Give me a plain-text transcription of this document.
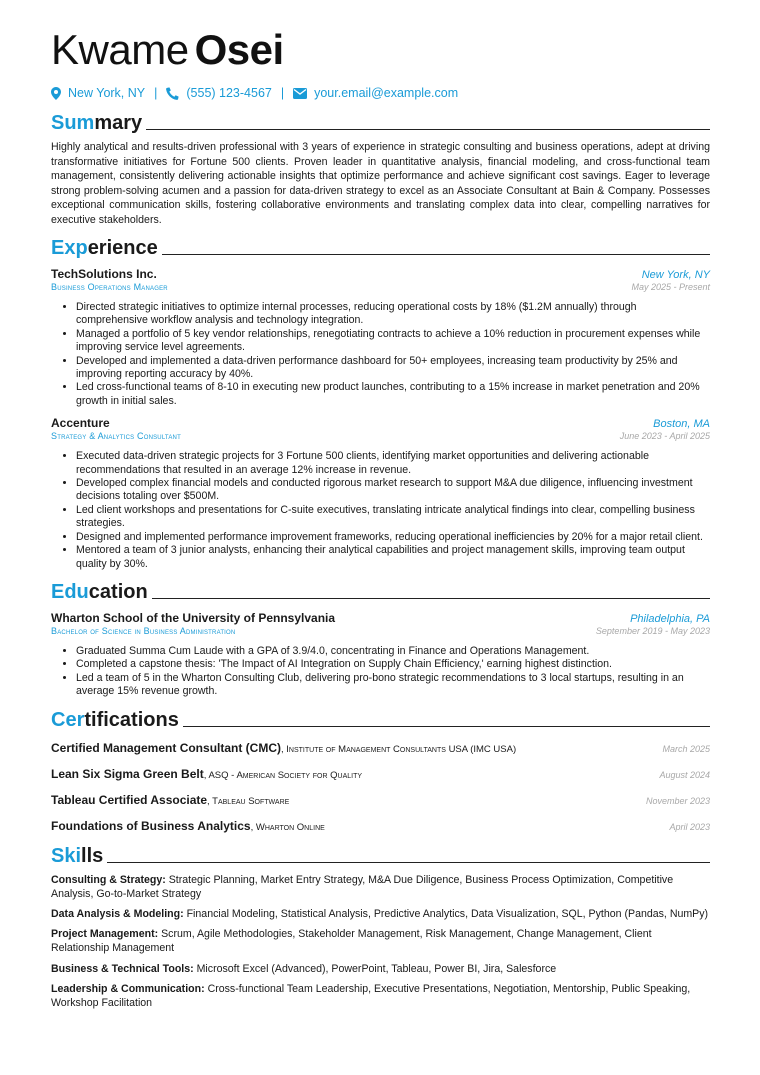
Kwame Osei
New York, NY | (555) 123-4567 | your.email@example.com
Summary
Highly analytical and results-driven professional with 3 years of experience in strategic consulting and business operations, adept at driving transformative initiatives for Fortune 500 clients. Proven leader in quantitative analysis, financial modeling, and cross-functional team management, consistently delivering actionable insights that optimize performance and achieve significant cost savings. Eager to leverage strong problem-solving acumen and a passion for data-driven strategy to excel as an Associate Consultant at Bain & Company. Possesses exceptional communication skills, fostering collaborative environments and translating complex data into clear, compelling narratives for executive stakeholders.
Experience
TechSolutions Inc.	New York, NY
Business Operations Manager	May 2025 - Present
• Directed strategic initiatives to optimize internal processes, reducing operational costs by 18% ($1.2M annually) through comprehensive workflow analysis and technology integration.
• Managed a portfolio of 5 key vendor relationships, renegotiating contracts to achieve a 10% reduction in procurement expenses while improving service level agreements.
• Developed and implemented a data-driven performance dashboard for 50+ employees, increasing team productivity by 25% and improving reporting accuracy by 40%.
• Led cross-functional teams of 8-10 in executing new product launches, contributing to a 15% increase in market penetration and 20% growth in initial sales.
Accenture	Boston, MA
Strategy & Analytics Consultant	June 2023 - April 2025
• Executed data-driven strategic projects for 3 Fortune 500 clients, identifying market opportunities and delivering actionable recommendations that resulted in an average 12% increase in revenue.
• Developed complex financial models and conducted rigorous market research to support M&A due diligence, influencing investment decisions totaling over $500M.
• Led client workshops and presentations for C-suite executives, translating intricate analytical findings into clear, compelling business strategies.
• Designed and implemented performance improvement frameworks, reducing operational inefficiencies by 20% for a major retail client.
• Mentored a team of 3 junior analysts, enhancing their analytical capabilities and project management skills, improving team output quality by 30%.
Education
Wharton School of the University of Pennsylvania	Philadelphia, PA
Bachelor of Science in Business Administration	September 2019 - May 2023
• Graduated Summa Cum Laude with a GPA of 3.9/4.0, concentrating in Finance and Operations Management.
• Completed a capstone thesis: 'The Impact of AI Integration on Supply Chain Efficiency,' earning highest distinction.
• Led a team of 5 in the Wharton Consulting Club, delivering pro-bono strategic recommendations to 3 local startups, resulting in an average 15% revenue growth.
Certifications
Certified Management Consultant (CMC), Institute of Management Consultants USA (IMC USA)	March 2025
Lean Six Sigma Green Belt, ASQ - American Society for Quality	August 2024
Tableau Certified Associate, Tableau Software	November 2023
Foundations of Business Analytics, Wharton Online	April 2023
Skills
Consulting & Strategy: Strategic Planning, Market Entry Strategy, M&A Due Diligence, Business Process Optimization, Competitive Analysis, Go-to-Market Strategy
Data Analysis & Modeling: Financial Modeling, Statistical Analysis, Predictive Analytics, Data Visualization, SQL, Python (Pandas, NumPy)
Project Management: Scrum, Agile Methodologies, Stakeholder Management, Risk Management, Change Management, Client Relationship Management
Business & Technical Tools: Microsoft Excel (Advanced), PowerPoint, Tableau, Power BI, Jira, Salesforce
Leadership & Communication: Cross-functional Team Leadership, Executive Presentations, Negotiation, Mentorship, Public Speaking, Workshop Facilitation
